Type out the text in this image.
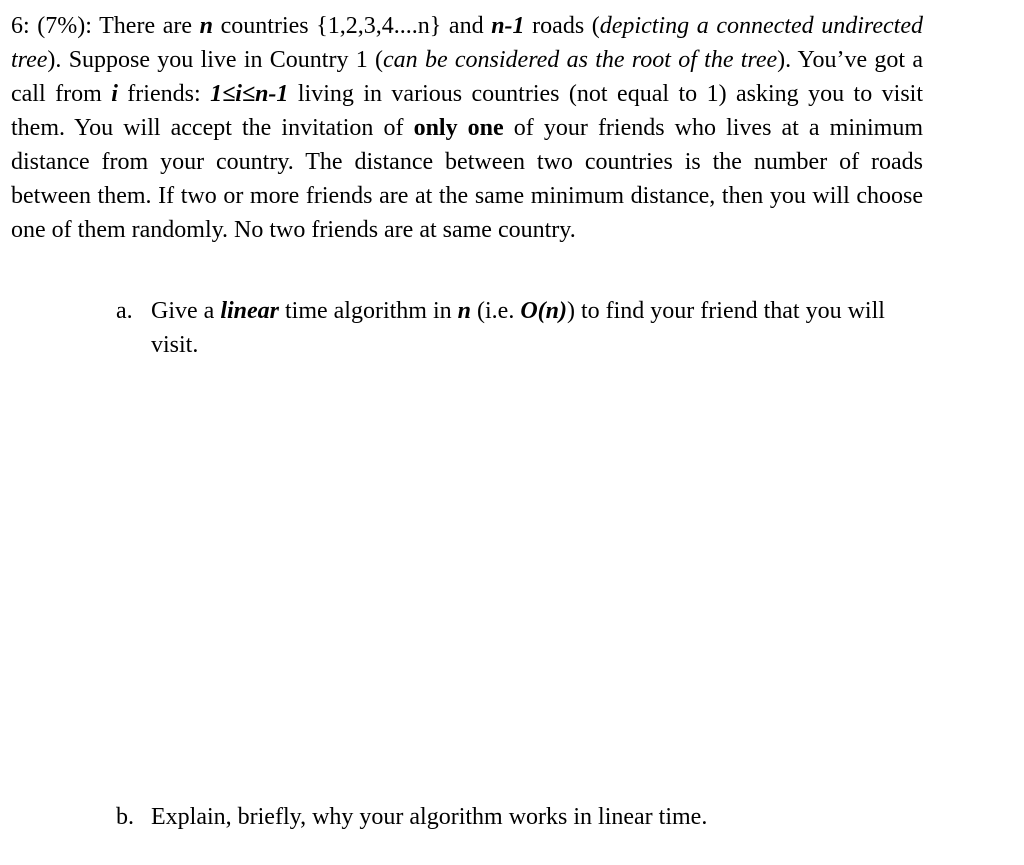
6: (7%): There are n countries {1,2,3,4....n} and n-1 roads (depicting a connected undirected tree). Suppose you live in Country 1 (can be considered as the root of the tree). You’ve got a call from i friends: 1≤i≤n-1 living in various countries (not equal to 1) asking you to visit them. You will accept the invitation of only one of your friends who lives at a minimum distance from your country. The distance between two countries is the number of roads between them. If two or more friends are at the same minimum distance, then you will choose one of them randomly. No two friends are at same country.

a. Give a linear time algorithm in n (i.e. O(n)) to find your friend that you will visit.
b. Explain, briefly, why your algorithm works in linear time.
